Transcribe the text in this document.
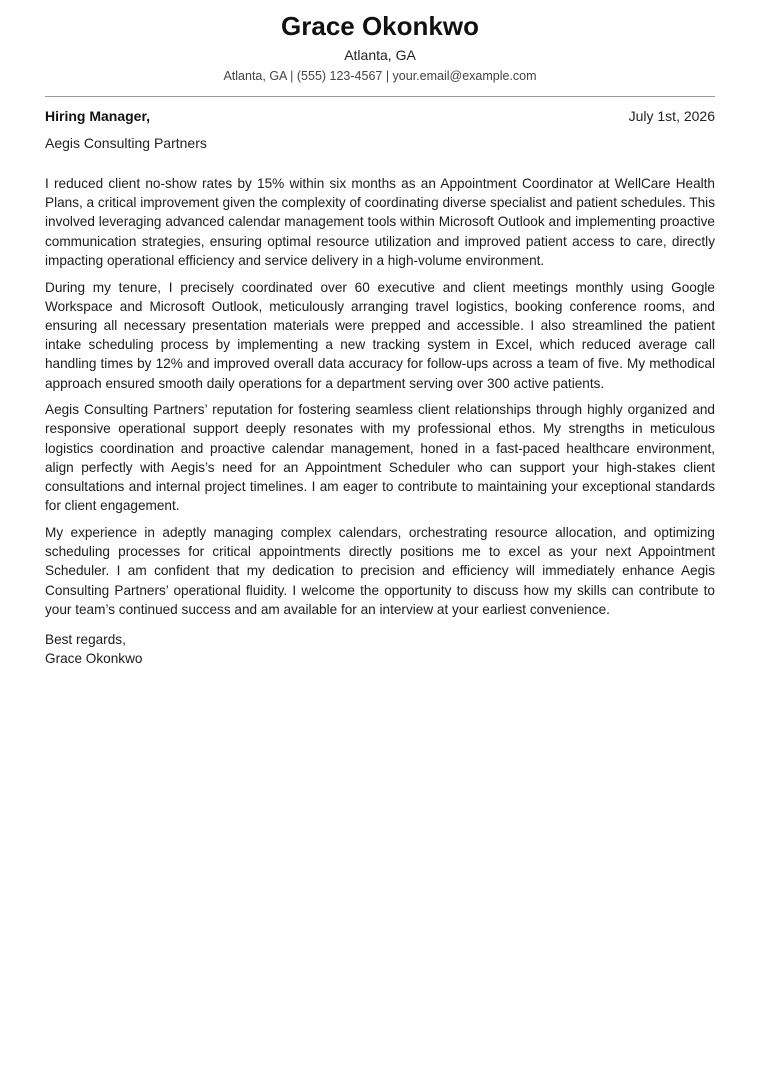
Grace Okonkwo
Atlanta, GA
Atlanta, GA | (555) 123-4567 | your.email@example.com
Hiring Manager,	July 1st, 2026
Aegis Consulting Partners

I reduced client no-show rates by 15% within six months as an Appointment Coordinator at WellCare Health Plans, a critical improvement given the complexity of coordinating diverse specialist and patient schedules. This involved leveraging advanced calendar management tools within Microsoft Outlook and implementing proactive communication strategies, ensuring optimal resource utilization and improved patient access to care, directly impacting operational efficiency and service delivery in a high-volume environment.

During my tenure, I precisely coordinated over 60 executive and client meetings monthly using Google Workspace and Microsoft Outlook, meticulously arranging travel logistics, booking conference rooms, and ensuring all necessary presentation materials were prepped and accessible. I also streamlined the patient intake scheduling process by implementing a new tracking system in Excel, which reduced average call handling times by 12% and improved overall data accuracy for follow-ups across a team of five. My methodical approach ensured smooth daily operations for a department serving over 300 active patients.

Aegis Consulting Partners’ reputation for fostering seamless client relationships through highly organized and responsive operational support deeply resonates with my professional ethos. My strengths in meticulous logistics coordination and proactive calendar management, honed in a fast-paced healthcare environment, align perfectly with Aegis’s need for an Appointment Scheduler who can support your high-stakes client consultations and internal project timelines. I am eager to contribute to maintaining your exceptional standards for client engagement.

My experience in adeptly managing complex calendars, orchestrating resource allocation, and optimizing scheduling processes for critical appointments directly positions me to excel as your next Appointment Scheduler. I am confident that my dedication to precision and efficiency will immediately enhance Aegis Consulting Partners’ operational fluidity. I welcome the opportunity to discuss how my skills can contribute to your team’s continued success and am available for an interview at your earliest convenience.

Best regards,
Grace Okonkwo
